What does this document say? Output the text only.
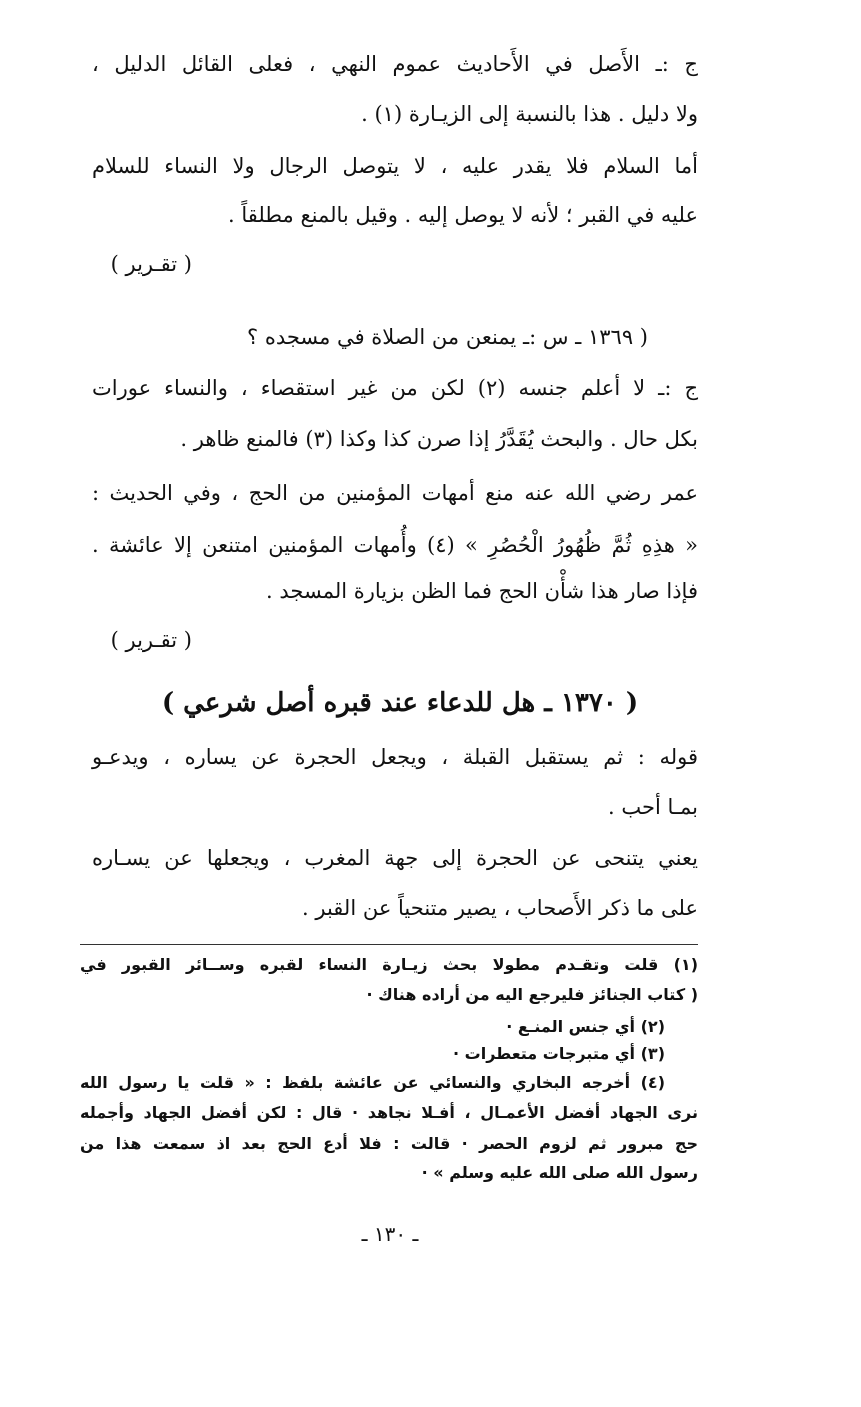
ج :ـ الأَصل في الأَحاديث عموم النهي ، فعلى القائل الدليل ،
ولا دليل . هذا بالنسبة إلى الزيـارة (١) .
أما السلام فلا يقدر عليه ، لا يتوصل الرجال ولا النساء للسلام
عليه في القبر ؛ لأنه لا يوصل إليه . وقيل بالمنع مطلقاً .
( تقـرير )
( ١٣٦٩ ـ س :ـ يمنعن من الصلاة في مسجده ؟
ج :ـ لا أعلم جنسه (٢) لكن من غير استقصاء ، والنساء عورات
بكل حال . والبحث يُقَدَّرُ إذا صرن كذا وكذا (٣) فالمنع ظاهر .
عمر رضي الله عنه منع أمهات المؤمنين من الحج ، وفي الحديث :
« هذِهِ ثُمَّ ظُهُورُ الْحُصُرِ » (٤) وأُمهات المؤمنين امتنعن إلا عائشة .
فإذا صار هذا شأْن الحج فما الظن بزيارة المسجد .
( تقـرير )
( ١٣٧٠ ـ هل للدعاء عند قبره أصل شرعي )
قوله : ثم يستقبل القبلة ، ويجعل الحجرة عن يساره ، ويدعـو
بمـا أحب .
يعني يتنحى عن الحجرة إلى جهة المغرب ، ويجعلها عن يسـاره
على ما ذكر الأَصحاب ، يصير متنحياً عن القبر .
(١) قلت وتقـدم مطولا بحث زيـارة النساء لقبره وســائر القبور في
( كتاب الجنائز فليرجع اليه من أراده هناك ·
(٢) أي جنس المنـع ·
(٣) أي متبرجات متعطرات ·
(٤) أخرجه البخاري والنسائي عن عائشة بلفظ : « قلت يا رسول الله
نرى الجهاد أفضل الأعمـال ، أفـلا نجاهد · قال : لكن أفضل الجهاد وأجمله
حج مبرور ثم لزوم الحصر · قالت : فلا أدع الحج بعد اذ سمعت هذا من
رسول الله صلى الله عليه وسلم » ·
ـ ١٣٠ ـ
